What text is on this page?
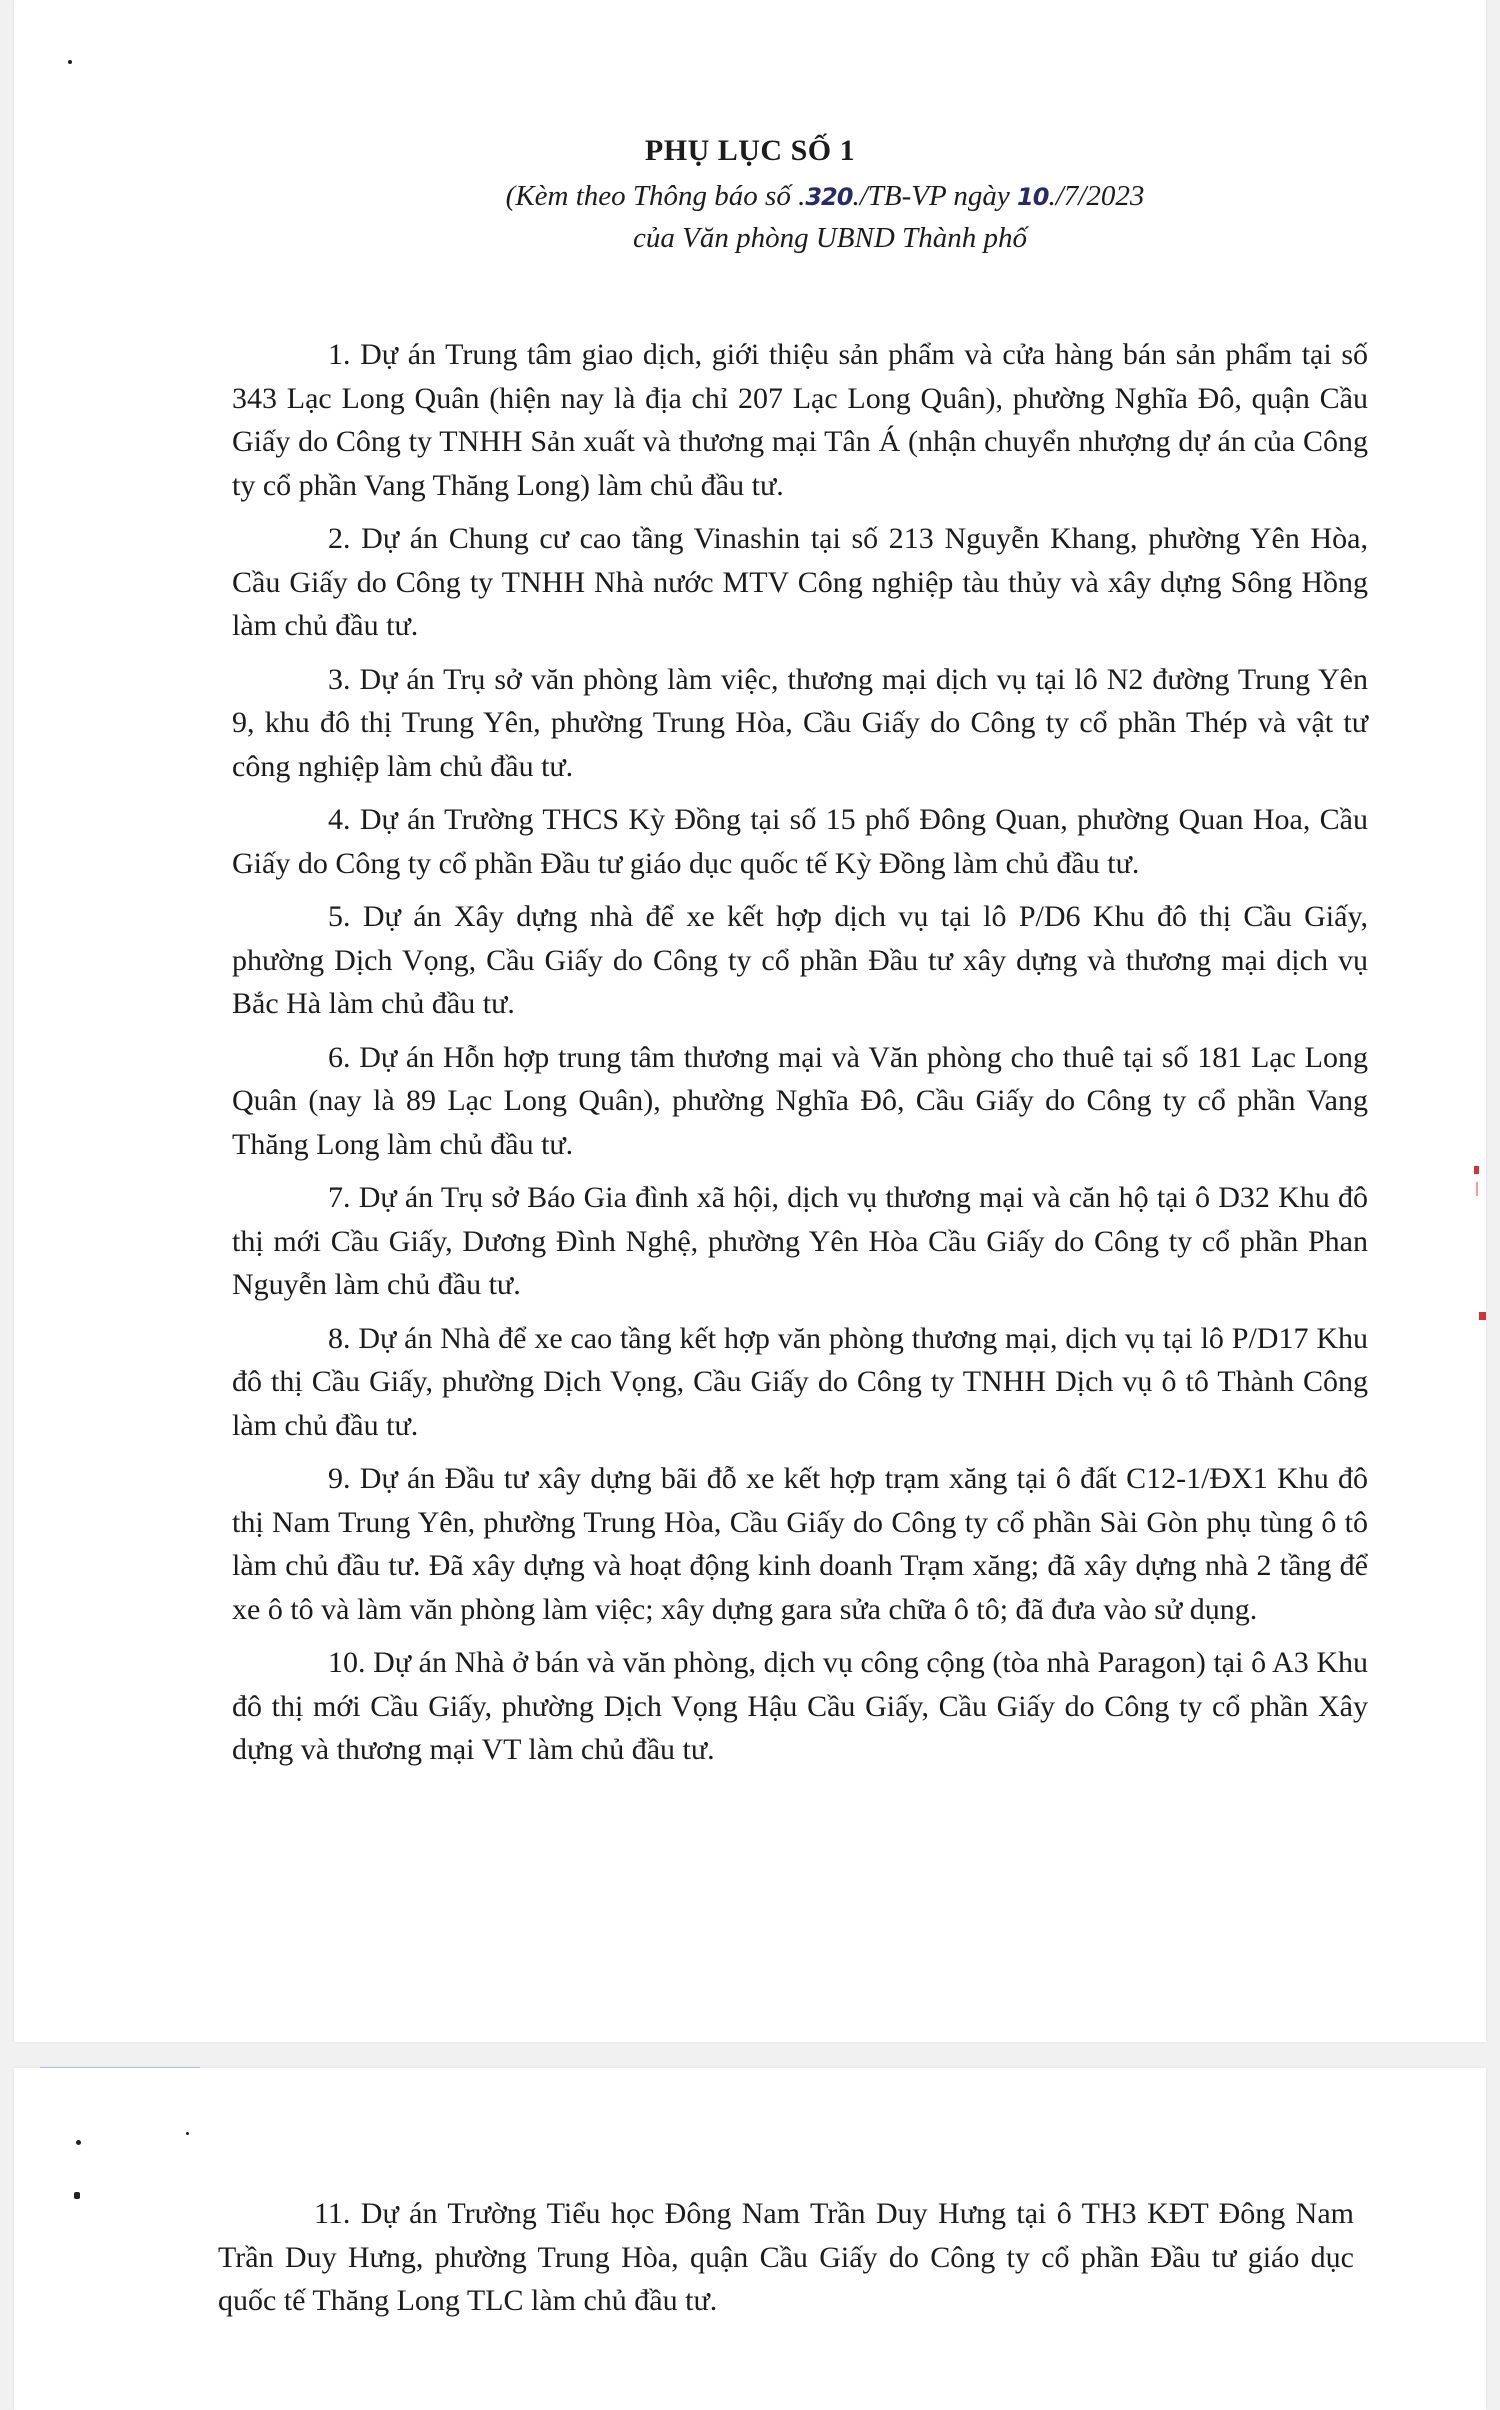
PHỤ LỤC SỐ 1

(Kèm theo Thông báo số .320./TB-VP ngày 10./7/2023

của Văn phòng UBND Thành phố

1. Dự án Trung tâm giao dịch, giới thiệu sản phẩm và cửa hàng bán sản phẩm tại số 343 Lạc Long Quân (hiện nay là địa chỉ 207 Lạc Long Quân), phường Nghĩa Đô, quận Cầu Giấy do Công ty TNHH Sản xuất và thương mại Tân Á (nhận chuyển nhượng dự án của Công ty cổ phần Vang Thăng Long) làm chủ đầu tư.
2. Dự án Chung cư cao tầng Vinashin tại số 213 Nguyễn Khang, phường Yên Hòa, Cầu Giấy do Công ty TNHH Nhà nước MTV Công nghiệp tàu thủy và xây dựng Sông Hồng làm chủ đầu tư.
3. Dự án Trụ sở văn phòng làm việc, thương mại dịch vụ tại lô N2 đường Trung Yên 9, khu đô thị Trung Yên, phường Trung Hòa, Cầu Giấy do Công ty cổ phần Thép và vật tư công nghiệp làm chủ đầu tư.
4. Dự án Trường THCS Kỳ Đồng tại số 15 phố Đông Quan, phường Quan Hoa, Cầu Giấy do Công ty cổ phần Đầu tư giáo dục quốc tế Kỳ Đồng làm chủ đầu tư.
5. Dự án Xây dựng nhà để xe kết hợp dịch vụ tại lô P/D6 Khu đô thị Cầu Giấy, phường Dịch Vọng, Cầu Giấy do Công ty cổ phần Đầu tư xây dựng và thương mại dịch vụ Bắc Hà làm chủ đầu tư.
6. Dự án Hỗn hợp trung tâm thương mại và Văn phòng cho thuê tại số 181 Lạc Long Quân (nay là 89 Lạc Long Quân), phường Nghĩa Đô, Cầu Giấy do Công ty cổ phần Vang Thăng Long làm chủ đầu tư.
7. Dự án Trụ sở Báo Gia đình xã hội, dịch vụ thương mại và căn hộ tại ô D32 Khu đô thị mới Cầu Giấy, Dương Đình Nghệ, phường Yên Hòa Cầu Giấy do Công ty cổ phần Phan Nguyễn làm chủ đầu tư.
8. Dự án Nhà để xe cao tầng kết hợp văn phòng thương mại, dịch vụ tại lô P/D17 Khu đô thị Cầu Giấy, phường Dịch Vọng, Cầu Giấy do Công ty TNHH Dịch vụ ô tô Thành Công làm chủ đầu tư.
9. Dự án Đầu tư xây dựng bãi đỗ xe kết hợp trạm xăng tại ô đất C12-1/ĐX1 Khu đô thị Nam Trung Yên, phường Trung Hòa, Cầu Giấy do Công ty cổ phần Sài Gòn phụ tùng ô tô làm chủ đầu tư. Đã xây dựng và hoạt động kinh doanh Trạm xăng; đã xây dựng nhà 2 tầng để xe ô tô và làm văn phòng làm việc; xây dựng gara sửa chữa ô tô; đã đưa vào sử dụng.
10. Dự án Nhà ở bán và văn phòng, dịch vụ công cộng (tòa nhà Paragon) tại ô A3 Khu đô thị mới Cầu Giấy, phường Dịch Vọng Hậu Cầu Giấy, Cầu Giấy do Công ty cổ phần Xây dựng và thương mại VT làm chủ đầu tư.
11. Dự án Trường Tiểu học Đông Nam Trần Duy Hưng tại ô TH3 KĐT Đông Nam Trần Duy Hưng, phường Trung Hòa, quận Cầu Giấy do Công ty cổ phần Đầu tư giáo dục quốc tế Thăng Long TLC làm chủ đầu tư.
